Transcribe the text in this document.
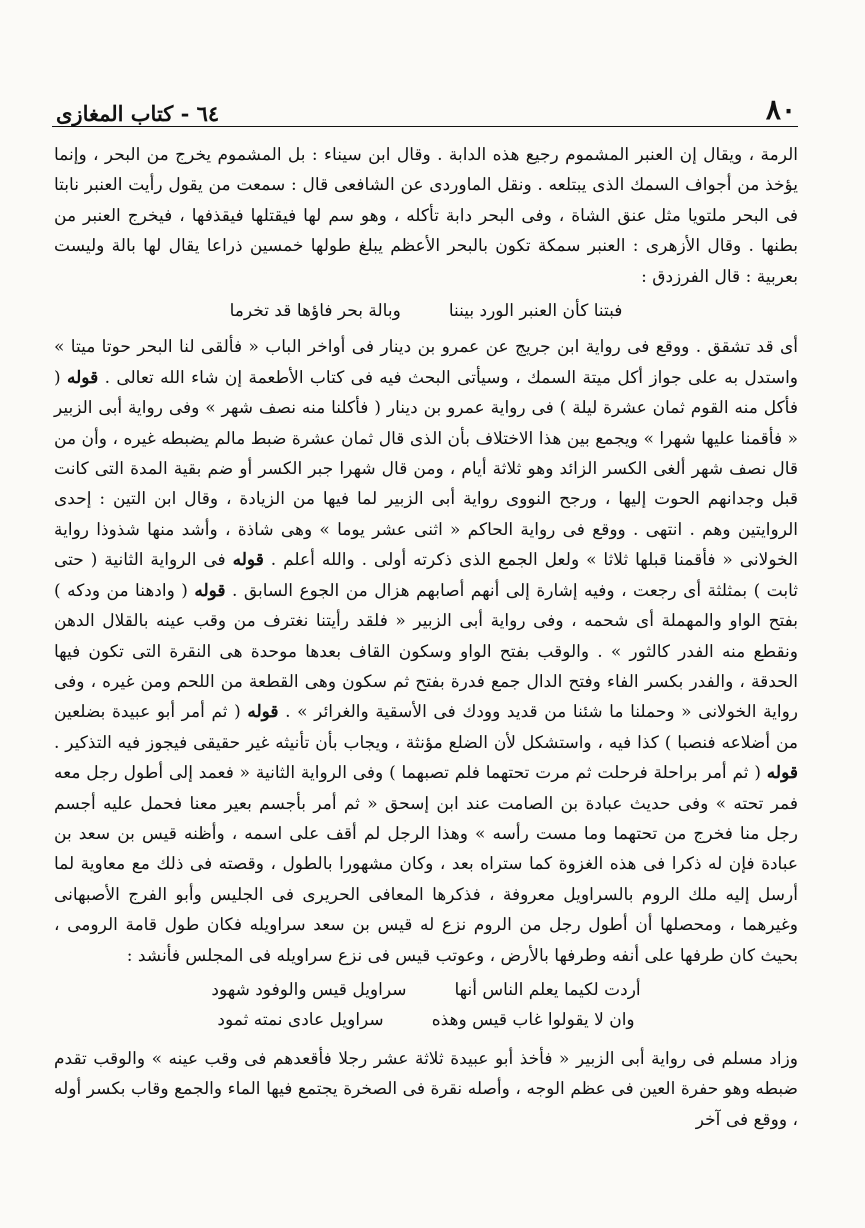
٨٠
٦٤ - كتاب المغازى

الرمة ، ويقال إن العنبر المشموم رجيع هذه الدابة . وقال ابن سيناء : بل المشموم يخرج من البحر ، وإنما يؤخذ من أجواف السمك الذى يبتلعه . ونقل الماوردى عن الشافعى قال : سمعت من يقول رأيت العنبر نابتا فى البحر ملتويا مثل عنق الشاة ، وفى البحر دابة تأكله ، وهو سم لها فيقتلها فيقذفها ، فيخرج العنبر من بطنها . وقال الأزهرى : العنبر سمكة تكون بالبحر الأعظم يبلغ طولها خمسين ذراعا يقال لها بالة وليست بعربية : قال الفرزدق :

فبتنا كأن العنبر الورد بيننا
وبالة بحر فاؤها قد تخرما

أى قد تشقق . ووقع فى رواية ابن جريج عن عمرو بن دينار فى أواخر الباب « فألقى لنا البحر حوتا ميتا » واستدل به على جواز أكل ميتة السمك ، وسيأتى البحث فيه فى كتاب الأطعمة إن شاء الله تعالى . قوله ( فأكل منه القوم ثمان عشرة ليلة ) فى رواية عمرو بن دينار ( فأكلنا منه نصف شهر » وفى رواية أبى الزبير « فأقمنا عليها شهرا » ويجمع بين هذا الاختلاف بأن الذى قال ثمان عشرة ضبط مالم يضبطه غيره ، وأن من قال نصف شهر ألغى الكسر الزائد وهو ثلاثة أيام ، ومن قال شهرا جبر الكسر أو ضم بقية المدة التى كانت قبل وجدانهم الحوت إليها ، ورجح النووى رواية أبى الزبير لما فيها من الزيادة ، وقال ابن التين : إحدى الروايتين وهم . انتهى . ووقع فى رواية الحاكم « اثنى عشر يوما » وهى شاذة ، وأشد منها شذوذا رواية الخولانى « فأقمنا قبلها ثلاثا » ولعل الجمع الذى ذكرته أولى . والله أعلم . قوله فى الرواية الثانية ( حتى ثابت ) بمثلثة أى رجعت ، وفيه إشارة إلى أنهم أصابهم هزال من الجوع السابق . قوله ( وادهنا من ودكه ) بفتح الواو والمهملة أى شحمه ، وفى رواية أبى الزبير « فلقد رأيتنا نغترف من وقب عينه بالقلال الدهن ونقطع منه الفدر كالثور » . والوقب بفتح الواو وسكون القاف بعدها موحدة هى النقرة التى تكون فيها الحدقة ، والفدر بكسر الفاء وفتح الدال جمع فدرة بفتح ثم سكون وهى القطعة من اللحم ومن غيره ، وفى رواية الخولانى « وحملنا ما شئنا من قديد وودك فى الأسقية والغرائر » . قوله ( ثم أمر أبو عبيدة بضلعين من أضلاعه فنصبا ) كذا فيه ، واستشكل لأن الضلع مؤنثة ، ويجاب بأن تأنيثه غير حقيقى فيجوز فيه التذكير . قوله ( ثم أمر براحلة فرحلت ثم مرت تحتهما فلم تصبهما ) وفى الرواية الثانية « فعمد إلى أطول رجل معه فمر تحته » وفى حديث عبادة بن الصامت عند ابن إسحق « ثم أمر بأجسم بعير معنا فحمل عليه أجسم رجل منا فخرج من تحتهما وما مست رأسه » وهذا الرجل لم أقف على اسمه ، وأظنه قيس بن سعد بن عبادة فإن له ذكرا فى هذه الغزوة كما ستراه بعد ، وكان مشهورا بالطول ، وقصته فى ذلك مع معاوية لما أرسل إليه ملك الروم بالسراويل معروفة ، فذكرها المعافى الحريرى فى الجليس وأبو الفرج الأصبهانى وغيرهما ، ومحصلها أن أطول رجل من الروم نزع له قيس بن سعد سراويله فكان طول قامة الرومى ، بحيث كان طرفها على أنفه وطرفها بالأرض ، وعوتب قيس فى نزع سراويله فى المجلس فأنشد :

أردت لكيما يعلم الناس أنها
سراويل قيس والوفود شهود
وان لا يقولوا غاب قيس وهذه
سراويل عادى نمته ثمود

وزاد مسلم فى رواية أبى الزبير « فأخذ أبو عبيدة ثلاثة عشر رجلا فأقعدهم فى وقب عينه » والوقب تقدم ضبطه وهو حفرة العين فى عظم الوجه ، وأصله نقرة فى الصخرة يجتمع فيها الماء والجمع وقاب بكسر أوله ، ووقع فى آخر
